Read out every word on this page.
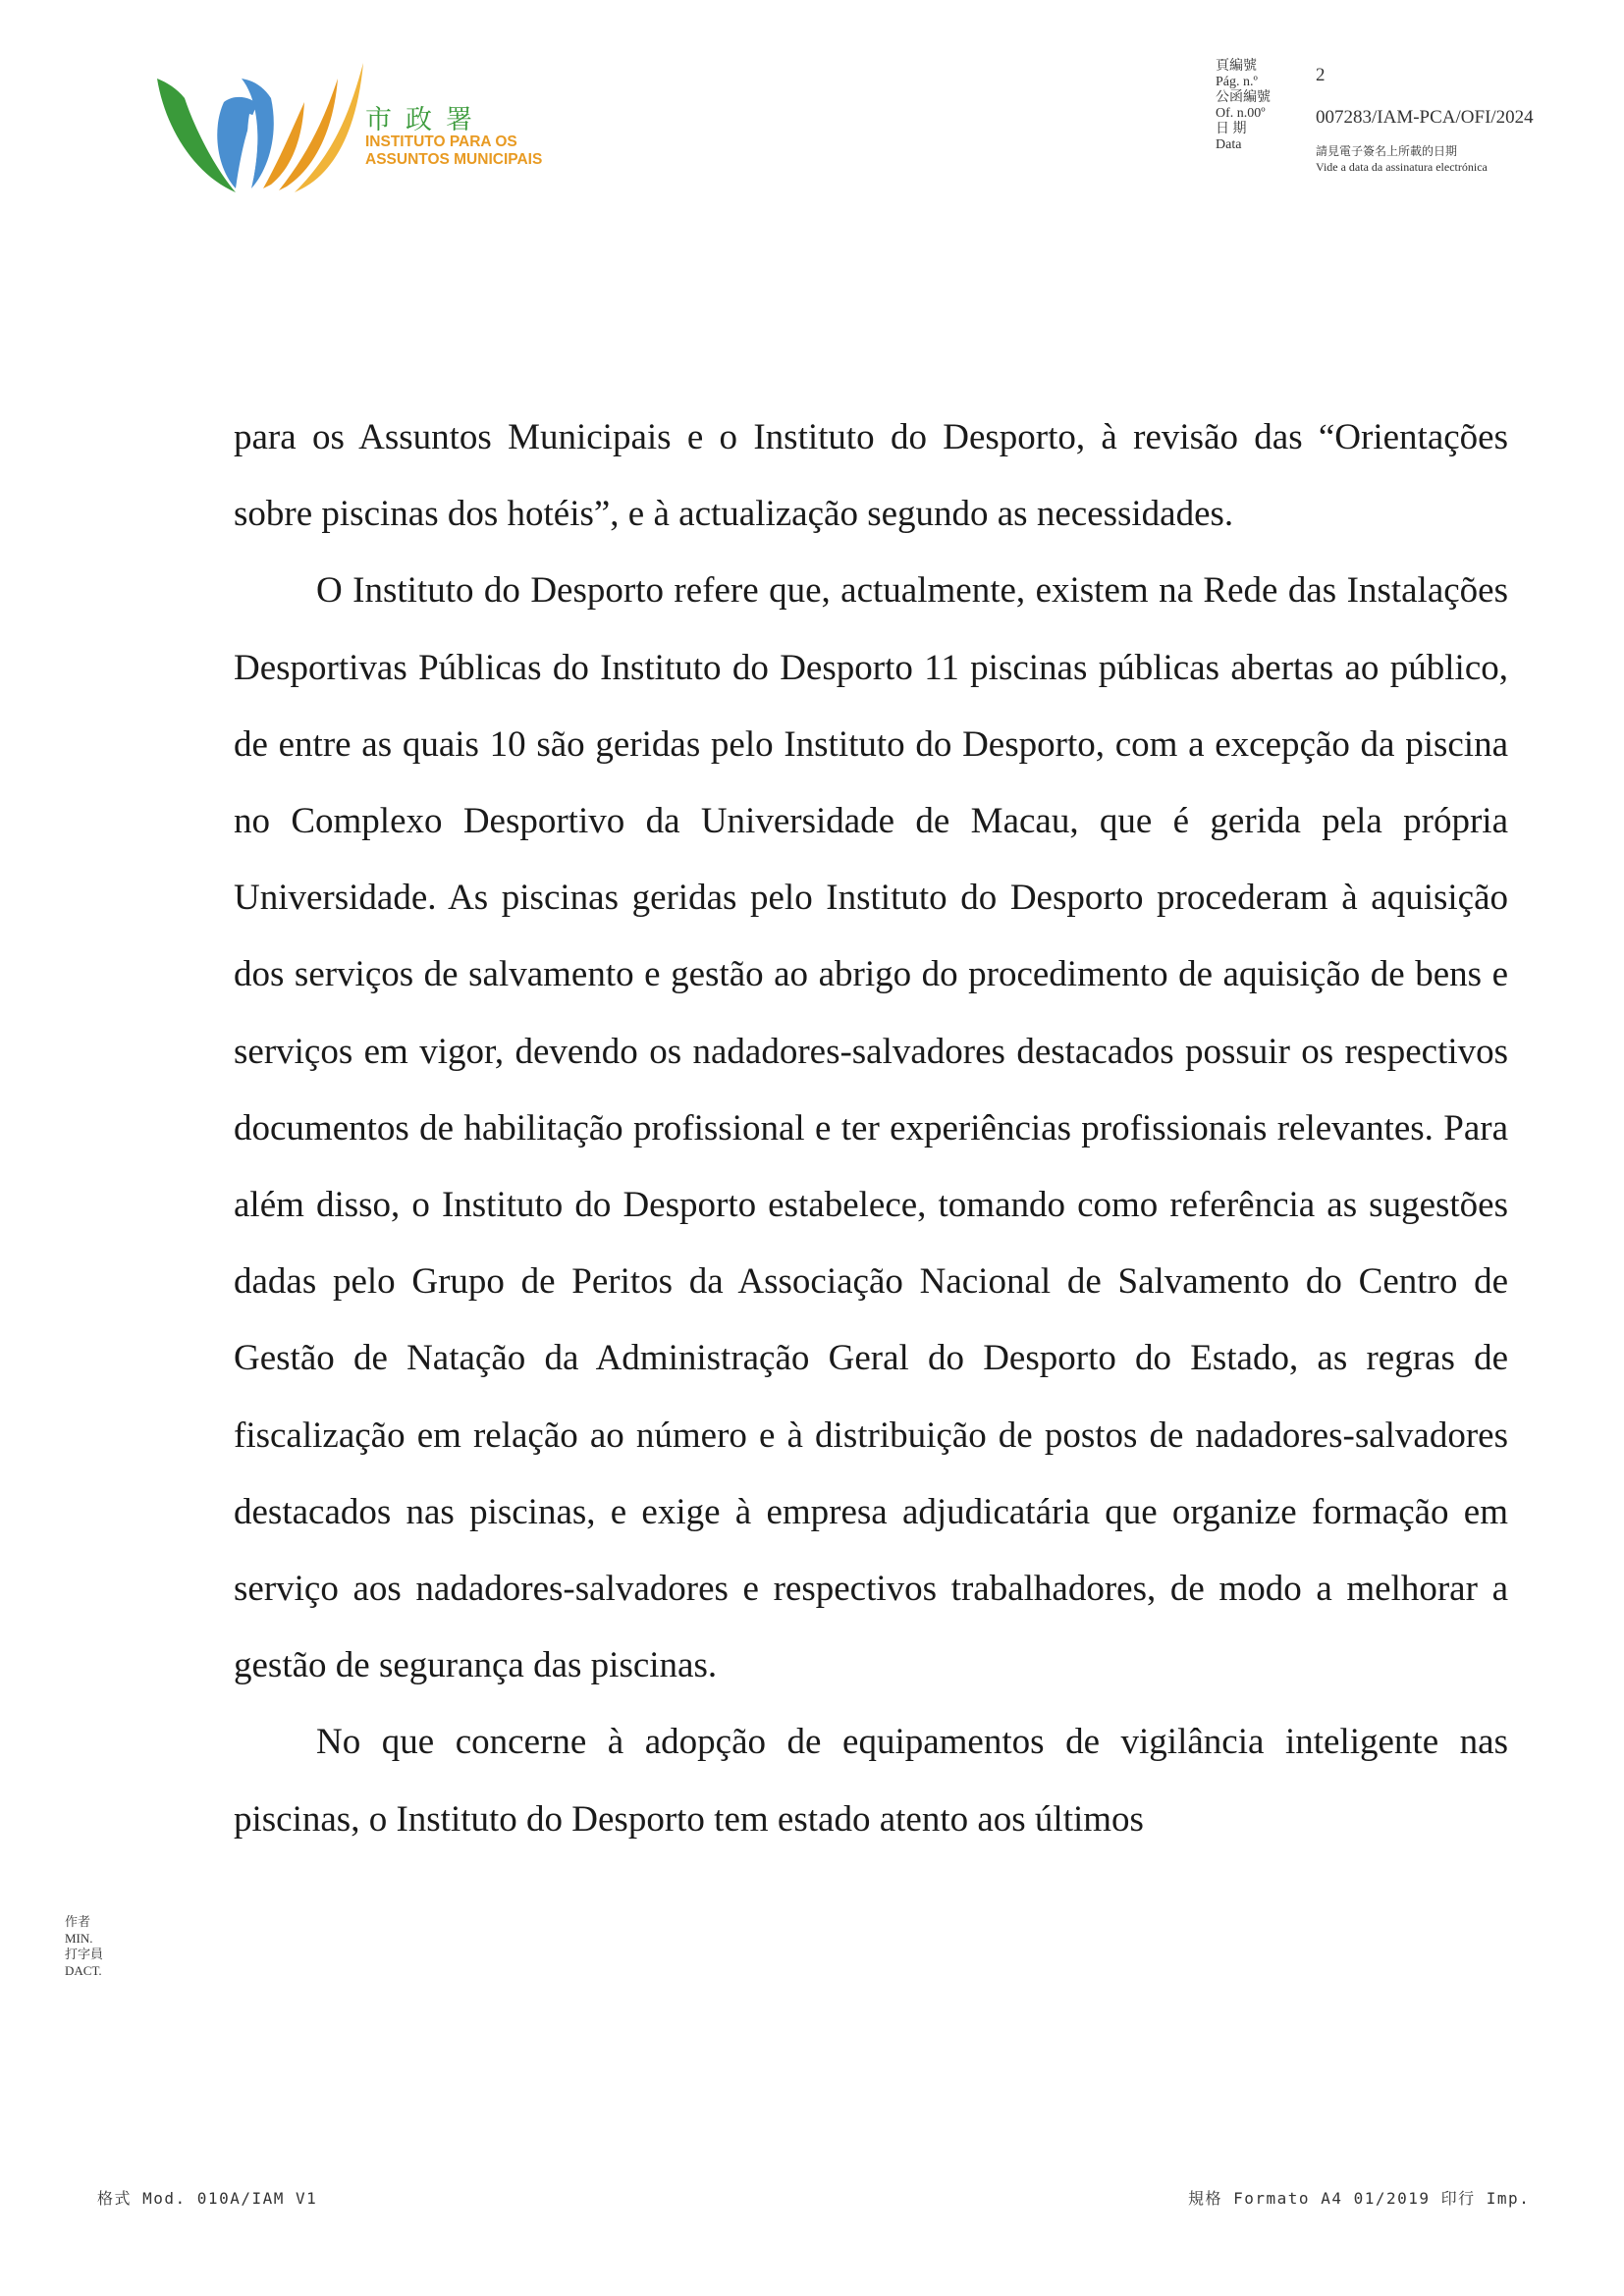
市政署
INSTITUTO PARA OS
ASSUNTOS MUNICIPAIS
頁編號
Pág. n.º
公函編號
Of. n.00º
日 期
Data
2
007283/IAM-PCA/OFI/2024
請見電子簽名上所載的日期
Vide a data da assinatura electrónica

para os Assuntos Municipais e o Instituto do Desporto, à revisão das “Orientações sobre piscinas dos hotéis”, e à actualização segundo as necessidades.

O Instituto do Desporto refere que, actualmente, existem na Rede das Instalações Desportivas Públicas do Instituto do Desporto 11 piscinas públicas abertas ao público, de entre as quais 10 são geridas pelo Instituto do Desporto, com a excepção da piscina no Complexo Desportivo da Universidade de Macau, que é gerida pela própria Universidade. As piscinas geridas pelo Instituto do Desporto procederam à aquisição dos serviços de salvamento e gestão ao abrigo do procedimento de aquisição de bens e serviços em vigor, devendo os nadadores-salvadores destacados possuir os respectivos documentos de habilitação profissional e ter experiências profissionais relevantes. Para além disso, o Instituto do Desporto estabelece, tomando como referência as sugestões dadas pelo Grupo de Peritos da Associação Nacional de Salvamento do Centro de Gestão de Natação da Administração Geral do Desporto do Estado, as regras de fiscalização em relação ao número e à distribuição de postos de nadadores-salvadores destacados nas piscinas, e exige à empresa adjudicatária que organize formação em serviço aos nadadores-salvadores e respectivos trabalhadores, de modo a melhorar a gestão de segurança das piscinas.

No que concerne à adopção de equipamentos de vigilância inteligente nas piscinas, o Instituto do Desporto tem estado atento aos últimos

作者
MIN.
打字員
DACT.
格式 Mod. 010A/IAM V1	規格 Formato A4 01/2019 印行 Imp.
